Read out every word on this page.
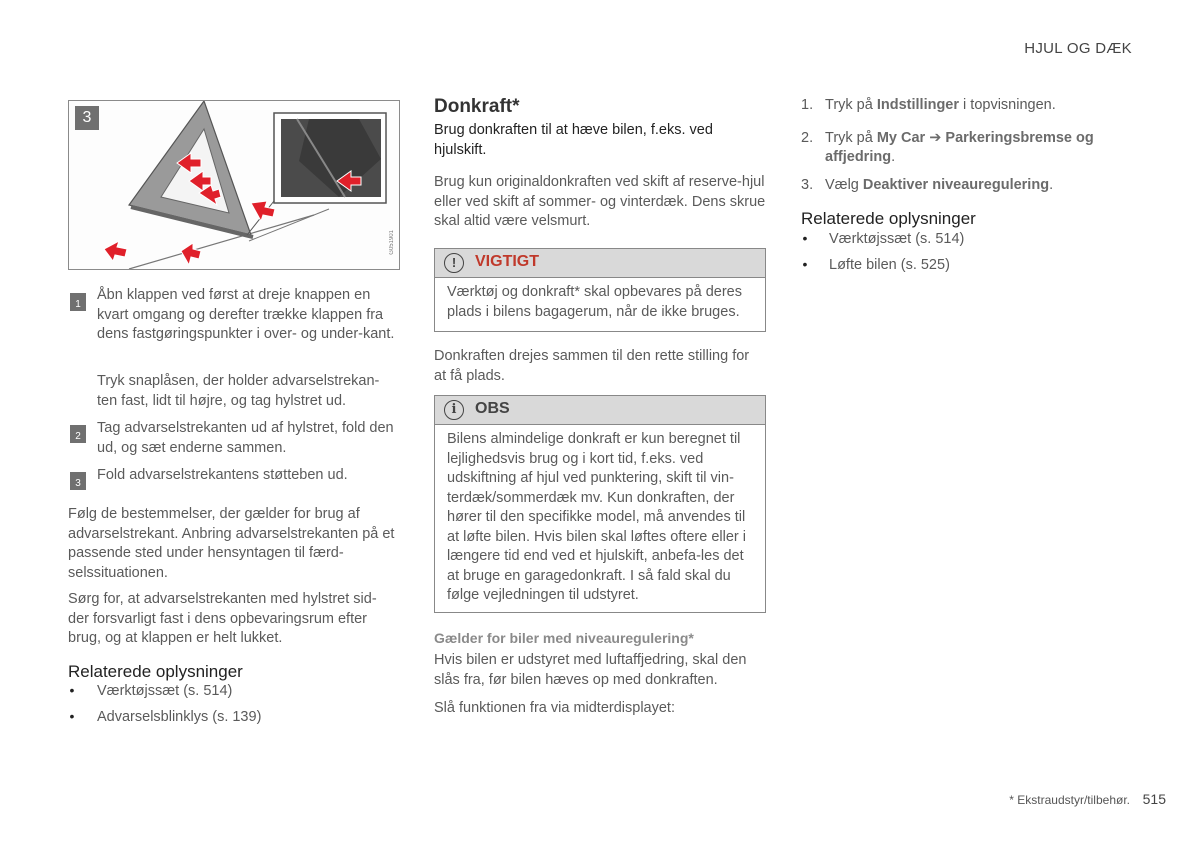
HJUL OG DÆK
3
G051901
1
Åbn klappen ved først at dreje knappen en kvart omgang og derefter trække klappen fra dens fastgøringspunkter i over- og under-kant.
Tryk snaplåsen, der holder advarselstrekan-ten fast, lidt til højre, og tag hylstret ud.
2
Tag advarselstrekanten ud af hylstret, fold den ud, og sæt enderne sammen.
3
Fold advarselstrekantens støtteben ud.
Følg de bestemmelser, der gælder for brug af advarselstrekant. Anbring advarselstrekanten på et passende sted under hensyntagen til færd-selssituationen.
Sørg for, at advarselstrekanten med hylstret sid-der forsvarligt fast i dens opbevaringsrum efter brug, og at klappen er helt lukket.
Relaterede oplysninger
• Værktøjssæt (s. 514)
• Advarselsblinklys (s. 139)
Donkraft*
Brug donkraften til at hæve bilen, f.eks. ved hjulskift.
Brug kun originaldonkraften ved skift af reserve-hjul eller ved skift af sommer- og vinterdæk. Dens skrue skal altid være velsmurt.
!	VIGTIGT
Værktøj og donkraft* skal opbevares på deres plads i bilens bagagerum, når de ikke bruges.
Donkraften drejes sammen til den rette stilling for at få plads.
i	OBS
Bilens almindelige donkraft er kun beregnet til lejlighedsvis brug og i kort tid, f.eks. ved udskiftning af hjul ved punktering, skift til vin-terdæk/sommerdæk mv. Kun donkraften, der hører til den specifikke model, må anvendes til at løfte bilen. Hvis bilen skal løftes oftere eller i længere tid end ved et hjulskift, anbefa-les det at bruge en garagedonkraft. I så fald skal du følge vejledningen til udstyret.
Gælder for biler med niveauregulering*
Hvis bilen er udstyret med luftaffjedring, skal den slås fra, før bilen hæves op med donkraften.
Slå funktionen fra via midterdisplayet:
1. Tryk på Indstillinger i topvisningen.
2. Tryk på My Car ➔ Parkeringsbremse og
affjedring.
3. Vælg Deaktiver niveauregulering.
Relaterede oplysninger
• Værktøjssæt (s. 514)
• Løfte bilen (s. 525)
* Ekstraudstyr/tilbehør. 515
